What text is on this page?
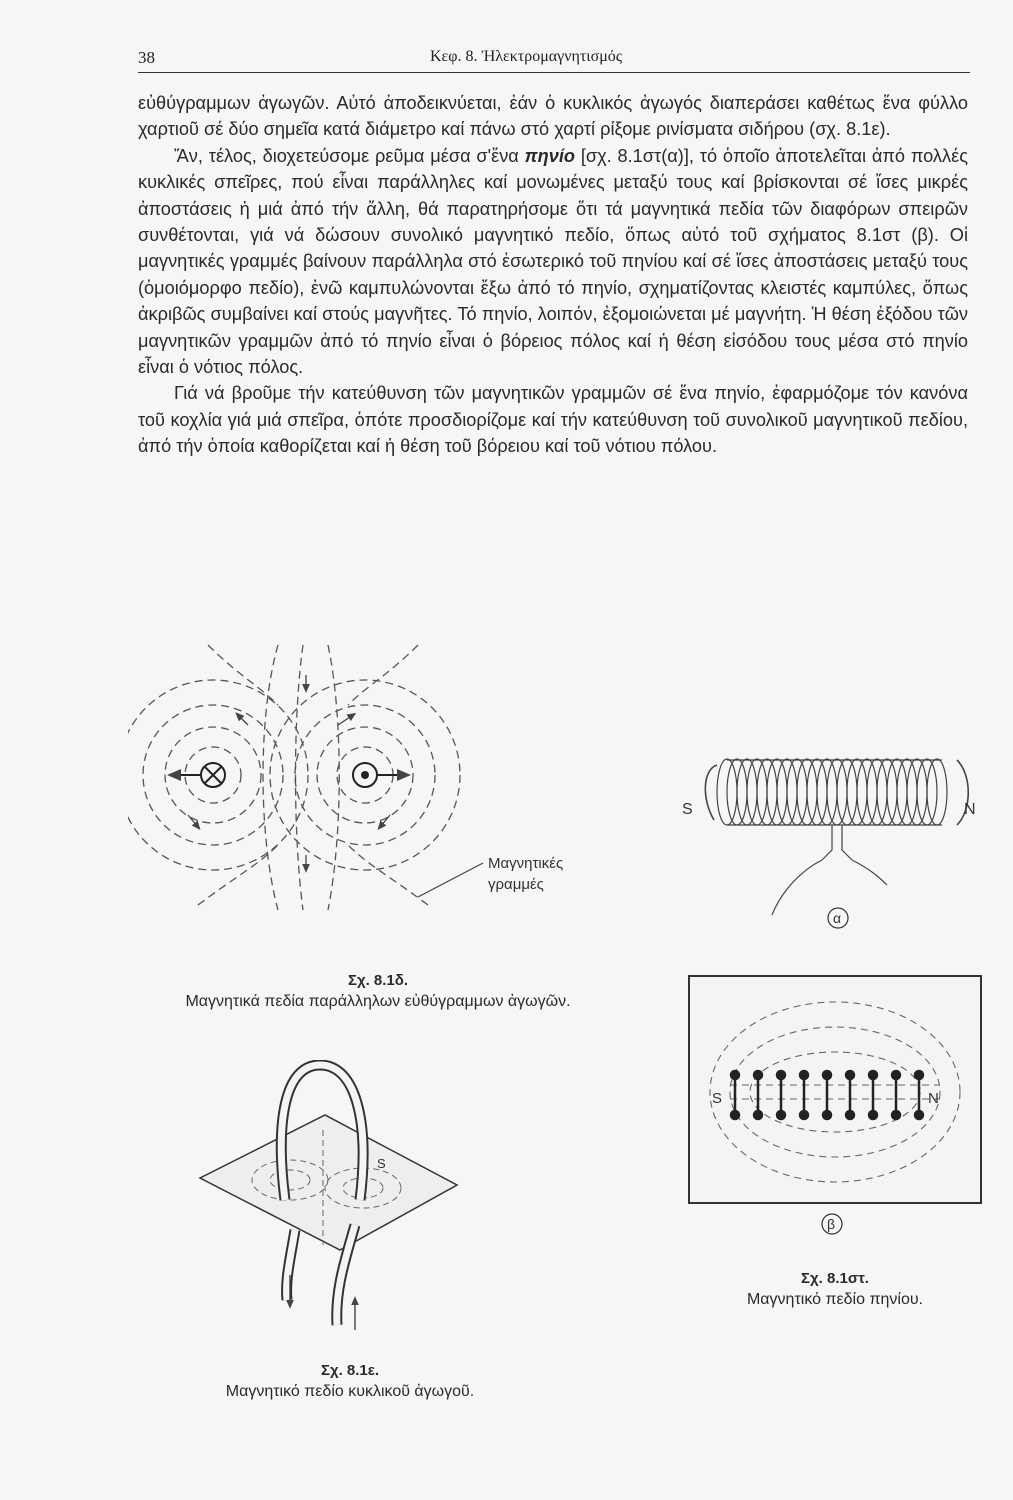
38	Κεφ. 8. Ἠλεκτρομαγνητισμός

εὐθύγραμμων ἀγωγῶν. Αὐτό ἀποδεικνύεται, ἐάν ὁ κυκλικός ἀγωγός διαπεράσει καθέτως ἕνα φύλλο χαρτιοῦ σέ δύο σημεῖα κατά διάμετρο καί πάνω στό χαρτί ρίξομε ρινίσματα σιδήρου (σχ. 8.1ε).

Ἄν, τέλος, διοχετεύσομε ρεῦμα μέσα σ'ἕνα πηνίο [σχ. 8.1στ(α)], τό ὁποῖο ἀποτελεῖται ἀπό πολλές κυκλικές σπεῖρες, πού εἶναι παράλληλες καί μονωμένες μεταξύ τους καί βρίσκονται σέ ἴσες μικρές ἀποστάσεις ἡ μιά ἀπό τήν ἄλλη, θά παρατηρήσομε ὅτι τά μαγνητικά πεδία τῶν διαφόρων σπειρῶν συνθέτονται, γιά νά δώσουν συνολικό μαγνητικό πεδίο, ὅπως αὐτό τοῦ σχήματος 8.1στ (β). Οἱ μαγνητικές γραμμές βαίνουν παράλληλα στό ἐσωτερικό τοῦ πηνίου καί σέ ἴσες ἀποστάσεις μεταξύ τους (ὁμοιόμορφο πεδίο), ἐνῶ καμπυλώνονται ἔξω ἀπό τό πηνίο, σχηματίζοντας κλειστές καμπύλες, ὅπως ἀκριβῶς συμβαίνει καί στούς μαγνῆτες. Τό πηνίο, λοιπόν, ἐξομοιώνεται μέ μαγνήτη. Ἡ θέση ἐξόδου τῶν μαγνητικῶν γραμμῶν ἀπό τό πηνίο εἶναι ὁ βόρειος πόλος καί ἡ θέση εἰσόδου τους μέσα στό πηνίο εἶναι ὁ νότιος πόλος.

Γιά νά βροῦμε τήν κατεύθυνση τῶν μαγνητικῶν γραμμῶν σέ ἕνα πηνίο, ἐφαρμόζομε τόν κανόνα τοῦ κοχλία γιά μιά σπεῖρα, ὁπότε προσδιορίζομε καί τήν κατεύθυνση τοῦ συνολικοῦ μαγνητικοῦ πεδίου, ἀπό τήν ὁποία καθορίζεται καί ἡ θέση τοῦ βόρειου καί τοῦ νότιου πόλου.

Μαγνητικές
γραμμές
Σχ. 8.1δ.
Μαγνητικά πεδία παράλληλων εὐθύγραμμων ἀγωγῶν.
S	N
α
S	N
β
Σχ. 8.1στ.
Μαγνητικό πεδίο πηνίου.
S
Σχ. 8.1ε.
Μαγνητικό πεδίο κυκλικοῦ ἀγωγοῦ.
